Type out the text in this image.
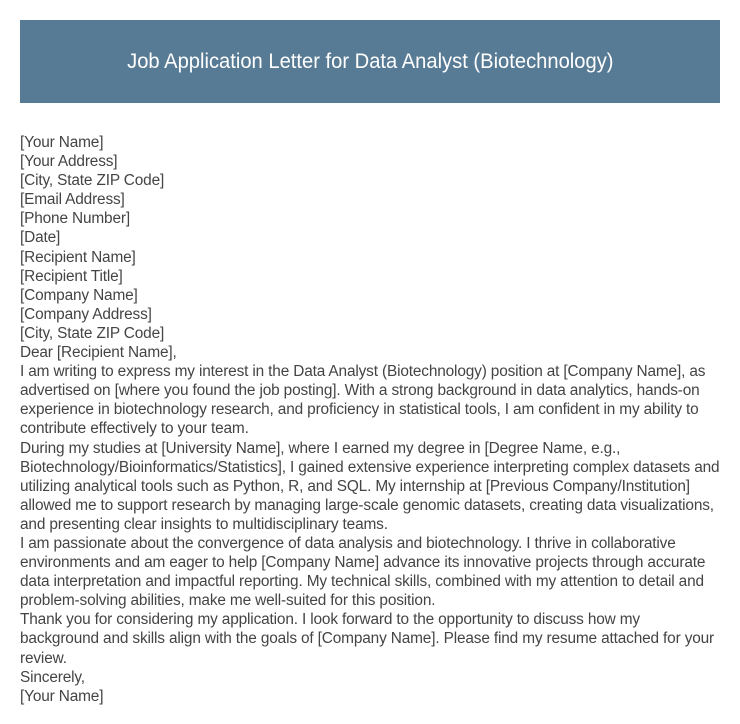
Job Application Letter for Data Analyst (Biotechnology)
[Your Name]
[Your Address]
[City, State ZIP Code]
[Email Address]
[Phone Number]
[Date]
[Recipient Name]
[Recipient Title]
[Company Name]
[Company Address]
[City, State ZIP Code]
Dear [Recipient Name],

I am writing to express my interest in the Data Analyst (Biotechnology) position at [Company Name], as advertised on [where you found the job posting]. With a strong background in data analytics, hands-on experience in biotechnology research, and proficiency in statistical tools, I am confident in my ability to contribute effectively to your team.

During my studies at [University Name], where I earned my degree in [Degree Name, e.g., Biotechnology/Bioinformatics/Statistics], I gained extensive experience interpreting complex datasets and utilizing analytical tools such as Python, R, and SQL. My internship at [Previous Company/Institution] allowed me to support research by managing large-scale genomic datasets, creating data visualizations, and presenting clear insights to multidisciplinary teams.

I am passionate about the convergence of data analysis and biotechnology. I thrive in collaborative environments and am eager to help [Company Name] advance its innovative projects through accurate data interpretation and impactful reporting. My technical skills, combined with my attention to detail and problem-solving abilities, make me well-suited for this position.

Thank you for considering my application. I look forward to the opportunity to discuss how my background and skills align with the goals of [Company Name]. Please find my resume attached for your review.

Sincerely,
[Your Name]
